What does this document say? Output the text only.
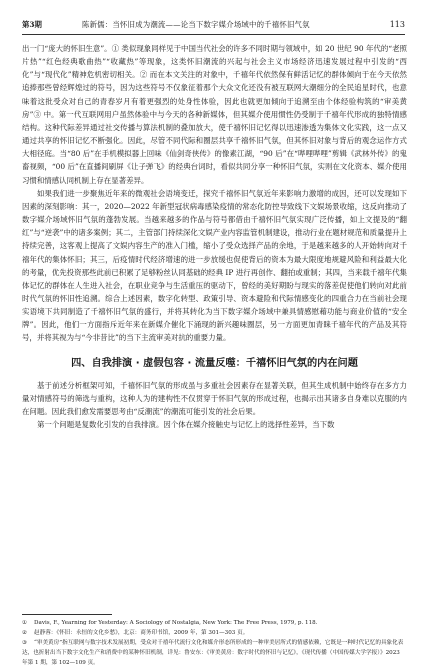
第3期	陈新儒：当怀旧成为潮流——论当下数字媒介场域中的千禧怀旧气氛	113

出一门“庞大的怀旧生意”。① 类似现象同样见于中国当代社会的许多不同时期与领域中，如 20 世纪 90 年代的“老照片热”“红色经典歌曲热”“收藏热”等现象，这类怀旧潮流的兴起与社会主义市场经济迅速发展过程中引发的“西化”与“现代化”精神危机密切相关。② 而在本文关注的对象中，千禧年代依然保有鲜活记忆的群体倾向于在今天依然追捧那些曾经辉煌过的符号，因为这些符号不仅象征着那个大众文化还没有被互联网大潮细分的全民追星时代，也意味着这批受众对自己的青春岁月有着更强烈的处身性体验，因此也就更加倾向于追溯至由个体经验构筑的“审美黄房”③ 中。第一代互联网用户虽然体验中与今天的各种新媒体，但其媒介使用惯性仍受制于千禧年代形成的独特情感结构。这种代际差异通过社交传播与算法机制的叠加放大，使千禧怀旧记忆得以迅速渗透为集体文化实践，这一点又通过共享的怀旧记忆不断强化。因此，尽管不同代际和圈层共享千禧怀旧气氛，但其怀旧对象与背后的观念运作方式大相径庭。当“80 后”在手机模拟器上回味《仙剑奇侠传》的像素江湖，“90 后”在“哔哩哔哩”剪辑《武林外传》的鬼畜视频，“00 后”在直播间刷屏《让子弹飞》的经典台词时，看似共同分享一种怀旧气氛，实则在文化资本、媒介使用习惯和情感认同机制上存在显著差异。

如果我们进一步聚焦近年来的微观社会语境变迁，探究千禧怀旧气氛近年来影响力激增的成因，还可以发现如下因素的深刻影响：其一，2020—2022 年新型冠状病毒感染疫情的常态化防控导致线下文娱场景收缩，这反向推动了数字媒介场域怀旧气氛的蓬勃发展。当越来越多的作品与符号都借由千禧怀旧气氛实现广泛传播，如上文提及的“翻红”与“逆袭”中的诸多案例；其二，主管部门持续深化文娱产业内容监管机制建设，推动行业在题材规范和质量提升上持续完善，这客观上提高了文娱内容生产的准入门槛，缩小了受众选择产品的余地，于是越来越多的人开始转向对千禧年代的集体怀旧；其三，后疫情时代经济增速的进一步放缓也促使背后的资本为最大限度地规避风险和利益最大化的考量，优先投资那些此前已积累了足够粉丝认同基础的经典 IP 进行再创作、翻拍或重制；其四，当来载千禧年代集体记忆的群体在人生进入社会，在职业竞争与生活重压的驱动下，曾经的美好期盼与现实的落差促使他们转向对此前时代气氛的怀旧性追溯。综合上述因素，数字化转型、政策引导、资本避险和代际情感变化的四重合力在当前社会现实语境下共同制造了千禧怀旧气氛的盛行，并将其转化为当下数字媒介场域中兼具情感慰藉功能与商业价值的“安全牌”。因此，他们一方面指斥近年来在新媒介催化下涌现的新兴趣味圈层，另一方面更加青睐千禧年代的产品及其符号，并将其视为与“今非昔比”的当下主流审美对抗的重要力量。

四、自我排演 · 虚假包容 · 流量反噬：千禧怀旧气氛的内在问题

基于前述分析框架可知，千禧怀旧气氛的形成虽与多重社会因素存在显著关联，但其生成机制中始终存在多方力量对情感符号的筛选与重构，这种人为的建构性不仅贯穿于怀旧气氛的形成过程，也揭示出其诸多自身难以克服的内在问题。因此我们愈发需要思考由“反潮流”的潮流可能引发的社会后果。

第一个问题是复数化引发的自我排演。因个体在媒介接触史与记忆上的选择性差异，当下数

① Davis, F., Yearning for Yesterday: A Sociology of Nostalgia, New York: The Free Press, 1979, p. 118.
② 赵静蓉：《怀旧：永恒的文化乡愁》，北京：商务印书馆，2009 年，第 301—303 页。
③ “审美黄房”指互联网与数字技术发展初期，受众对千禧年代流行文化和媒介形态所形成的一种审美居所式的情感依赖，它既是一种时代记忆的具象化表达，也折射出当下数字文化生产和消费中的某种怀旧机制，详见：鲁安东：《审美黄房：数字时代的怀旧与记忆》，《现代传播（中国传媒大学学报）》2023 年第 1 期，第 102—109 页。
